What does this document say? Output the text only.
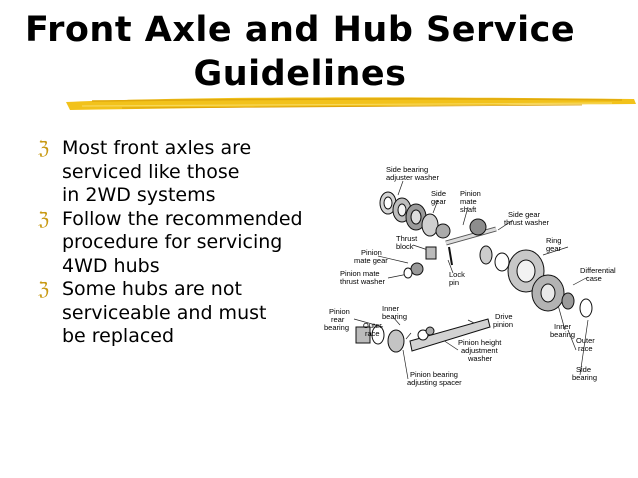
Front Axle and Hub Service
Guidelines
ℨ Most front axles are
serviced like those
in 2WD systems
ℨ Follow the recommended
procedure for servicing
4WD hubs
ℨ Some hubs are not
serviceable and must
be replaced
Side bearing
adjuster washer
Side
gear
Pinion
mate
shaft
Side gear
thrust washer
Thrust
block
Ring
gear
Pinion
mate gear
Differential
case
Pinion mate
thrust washer
Lock
pin
Pinion
rear
bearing
Inner
bearing
Outer
race
Drive
pinion	Inner
bearing
Outer
race
Pinion height
adjustment
washer
Side
bearing
Pinion bearing
adjusting spacer
